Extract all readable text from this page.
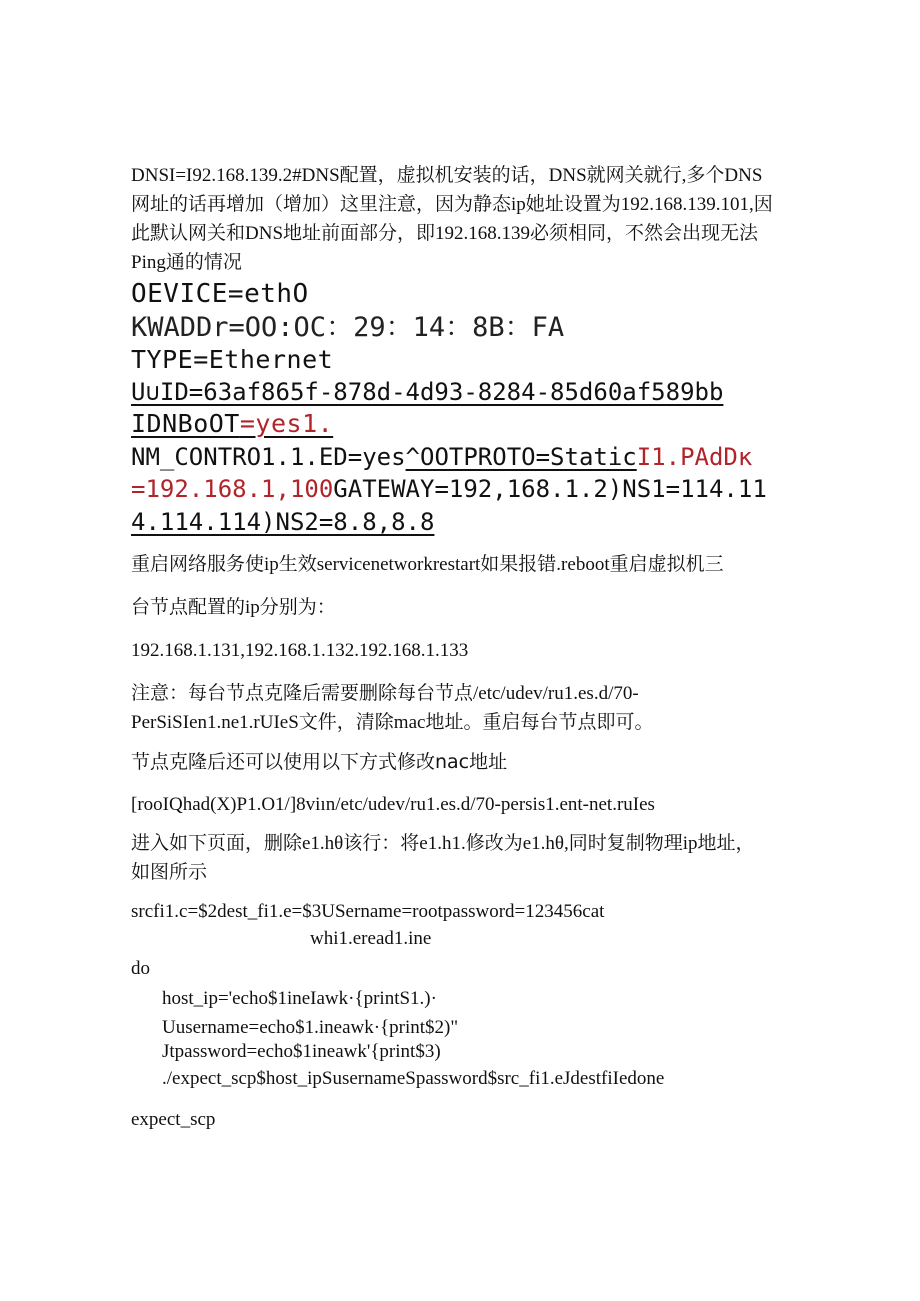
DNSI=I92.168.139.2#DNS配置，虚拟机安装的话，DNS就网关就行,多个DNS网址的话再增加（增加）这里注意，因为静态ip她址设置为192.168.139.101,因此默认网关和DNS地址前面部分，即192.168.139必须相同，不然会出现无法Ping通的情况

OEVICE=ethO
KWADDr=OO:OC：29：14：8B：FA
TYPE=Ethernet
U∪ID=63af865f-878d-4d93-8284-85d60af589bb
IDNBoOT=yes1.
NM_CONTRO1.1.ED=yes^OOTPROTO=StaticI1.PAdDκ
=192.168.1,100GATEWAY=192,168.1.2)NS1=114.11
4.114.114)NS2=8.8,8.8

重启网络服务使ip生效servicenetworkrestart如果报错.reboot重启虚拟机三

台节点配置的ip分别为：

192.168.1.131,192.168.1.132.192.168.1.133

注意：每台节点克隆后需要删除每台节点/etc/udev/ru1.es.d/70-PerSiSIen1.ne1.rUIeS文件，清除mac地址。重启每台节点即可。

节点克隆后还可以使用以下方式修改nac地址

[rooIQhad(X)P1.O1/]8viın/etc/udev/ru1.es.d/70-persis1.ent-net.ruIes

进入如下页面，删除e1.hθ该行：将e1.h1.修改为e1.hθ,同时复制物理ip地址，如图所示

srcfi1.c=$2dest_fi1.e=$3USername=rootpassword=123456cat
whi1.eread1.ine
do
host_ip='echo$1ineIawk·{printS1.)·
Uusername=echo$1.ineawk·{print$2)"
Jtpassword=echo$1ineawk'{print$3)
./expect_scp$host_ipSusernameSpassword$src_fi1.eJdestfiIedone
expect_scp
